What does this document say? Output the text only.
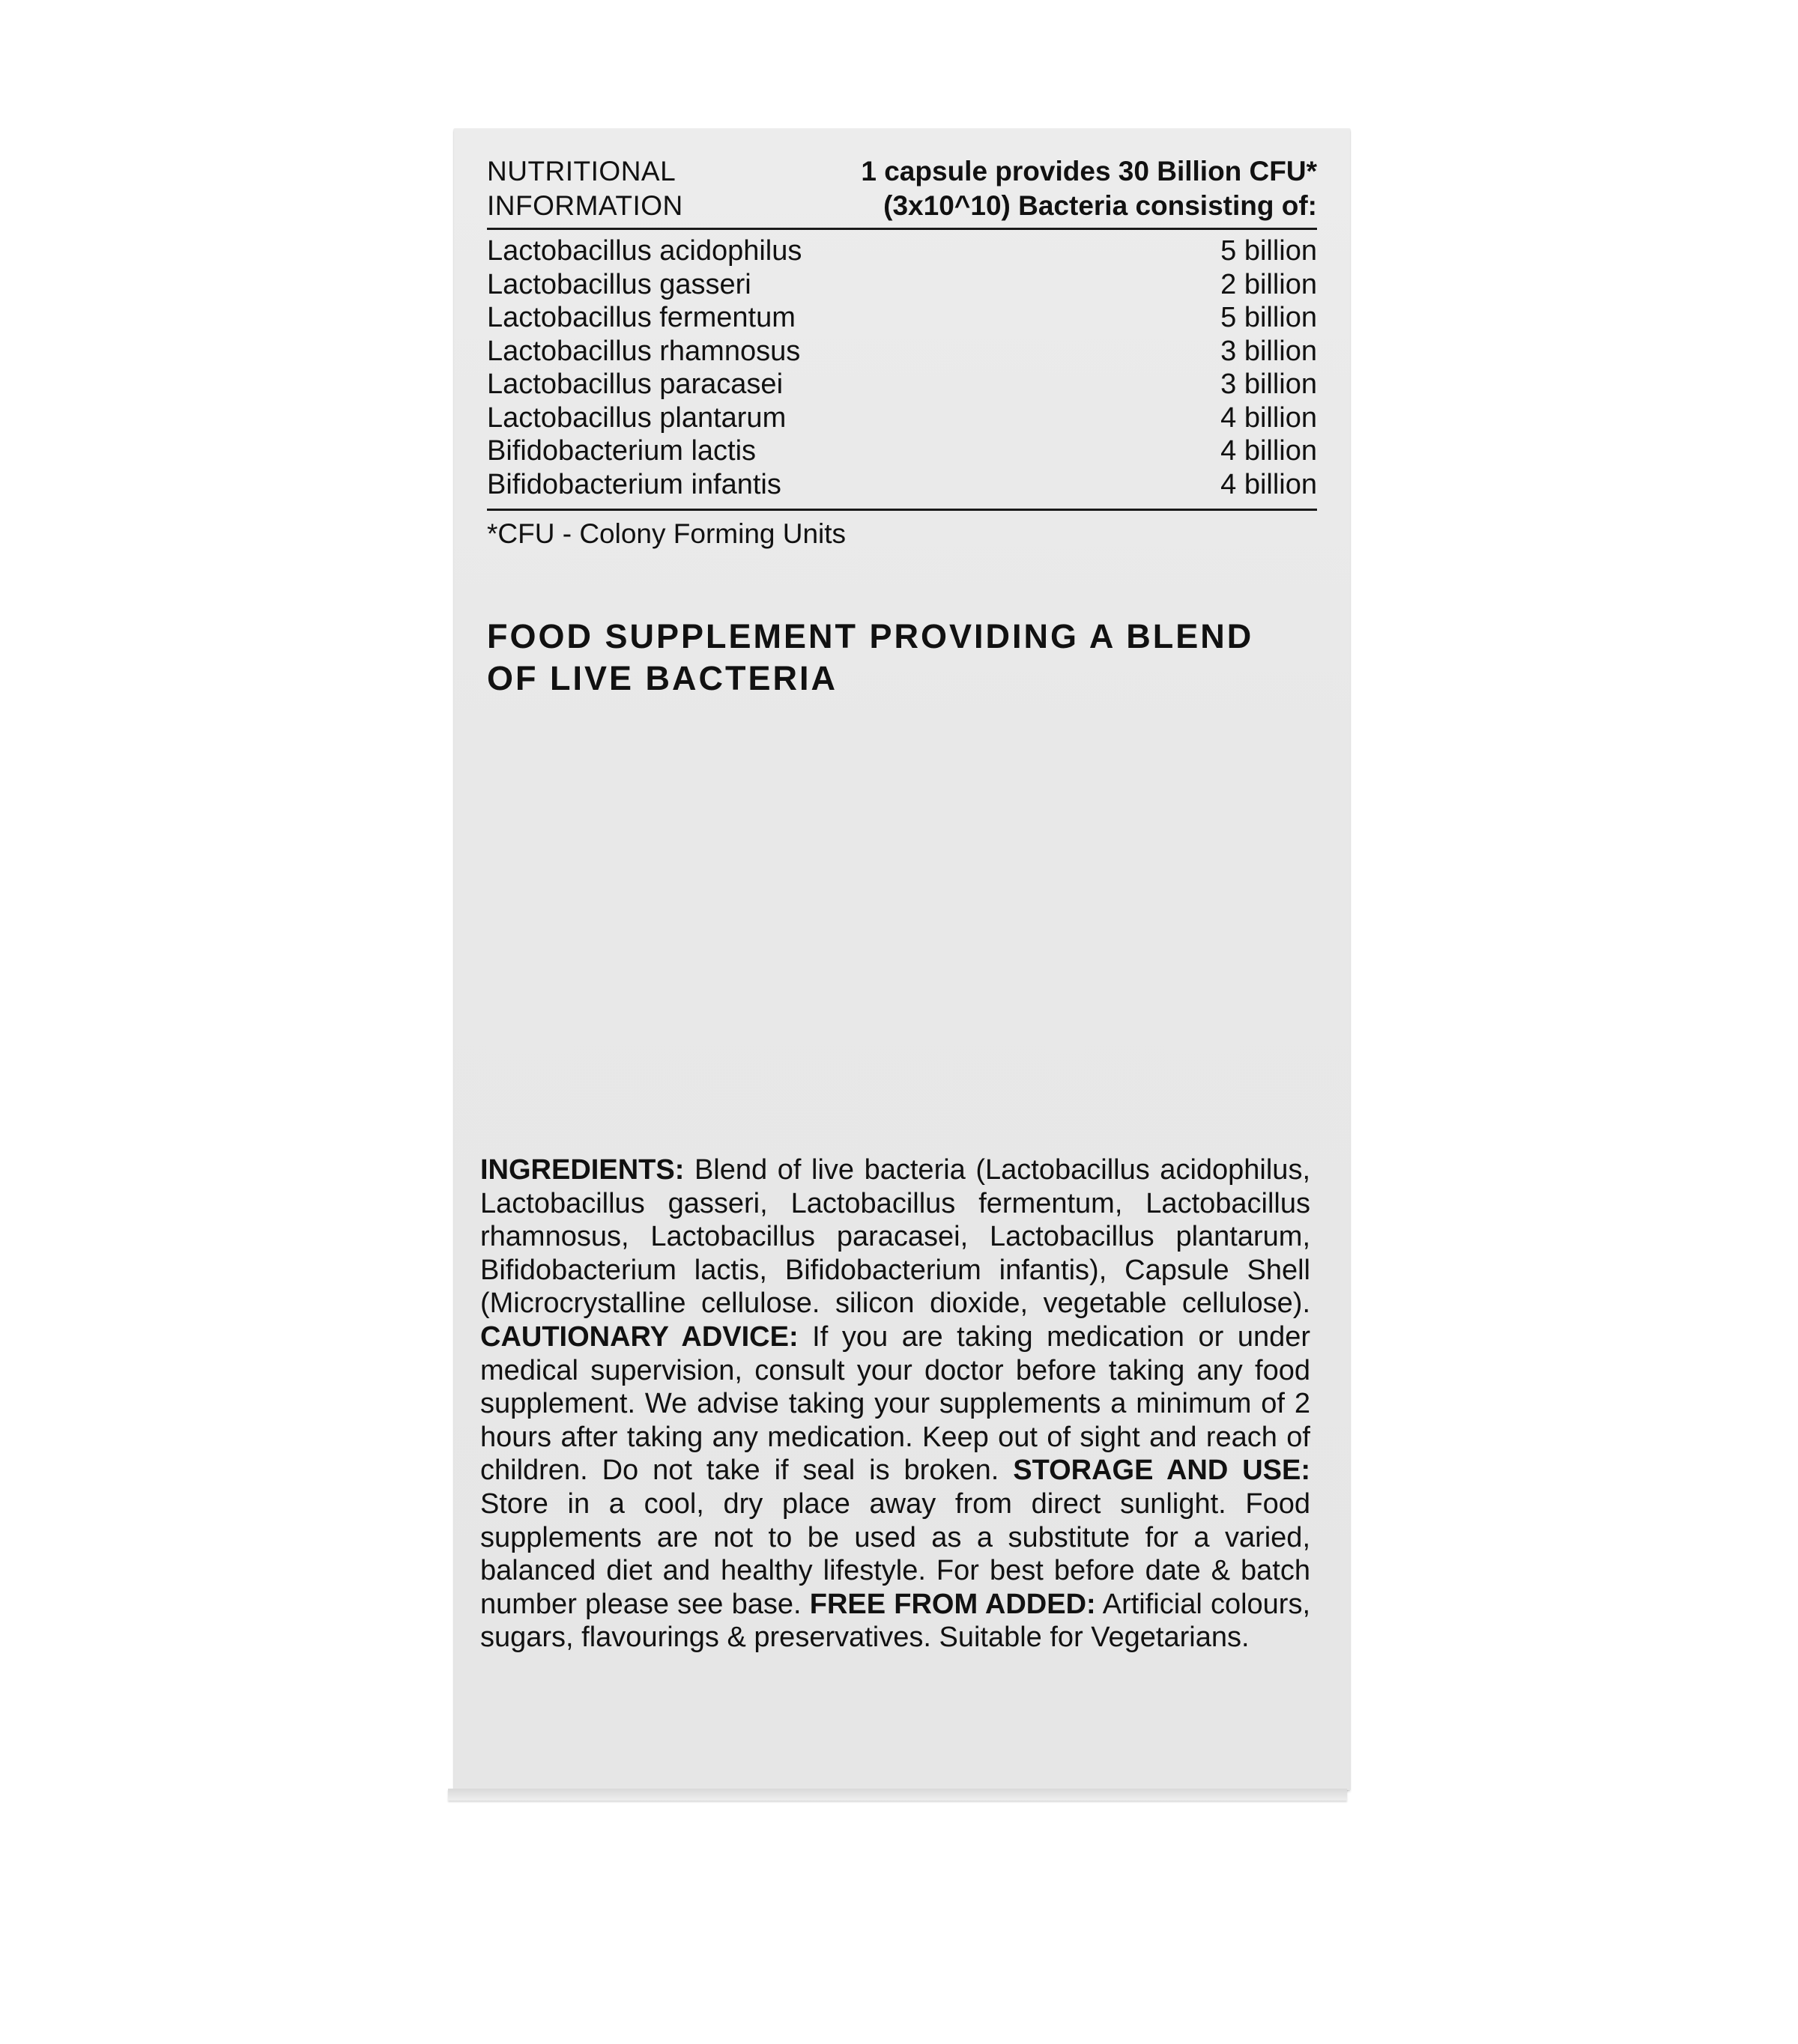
NUTRITIONAL
INFORMATION
1 capsule provides 30 Billion CFU*
(3x10^10) Bacteria consisting of:
Lactobacillus acidophilus	5 billion
Lactobacillus gasseri	2 billion
Lactobacillus fermentum	5 billion
Lactobacillus rhamnosus	3 billion
Lactobacillus paracasei	3 billion
Lactobacillus plantarum	4 billion
Bifidobacterium lactis	4 billion
Bifidobacterium infantis	4 billion
*CFU - Colony Forming Units
FOOD SUPPLEMENT PROVIDING A BLEND
OF LIVE BACTERIA
INGREDIENTS: Blend of live bacteria (Lactobacillus acidophilus, Lactobacillus gasseri, Lactobacillus fermentum, Lactobacillus rhamnosus, Lactobacillus paracasei, Lactobacillus plantarum, Bifidobacterium lactis, Bifidobacterium infantis), Capsule Shell (Microcrystalline cellulose. silicon dioxide, vegetable cellulose). CAUTIONARY ADVICE: If you are taking medication or under medical supervision, consult your doctor before taking any food supplement. We advise taking your supplements a minimum of 2 hours after taking any medication. Keep out of sight and reach of children. Do not take if seal is broken. STORAGE AND USE: Store in a cool, dry place away from direct sunlight. Food supplements are not to be used as a substitute for a varied, balanced diet and healthy lifestyle. For best before date & batch number please see base. FREE FROM ADDED: Artificial colours, sugars, flavourings & preservatives. Suitable for Vegetarians.
